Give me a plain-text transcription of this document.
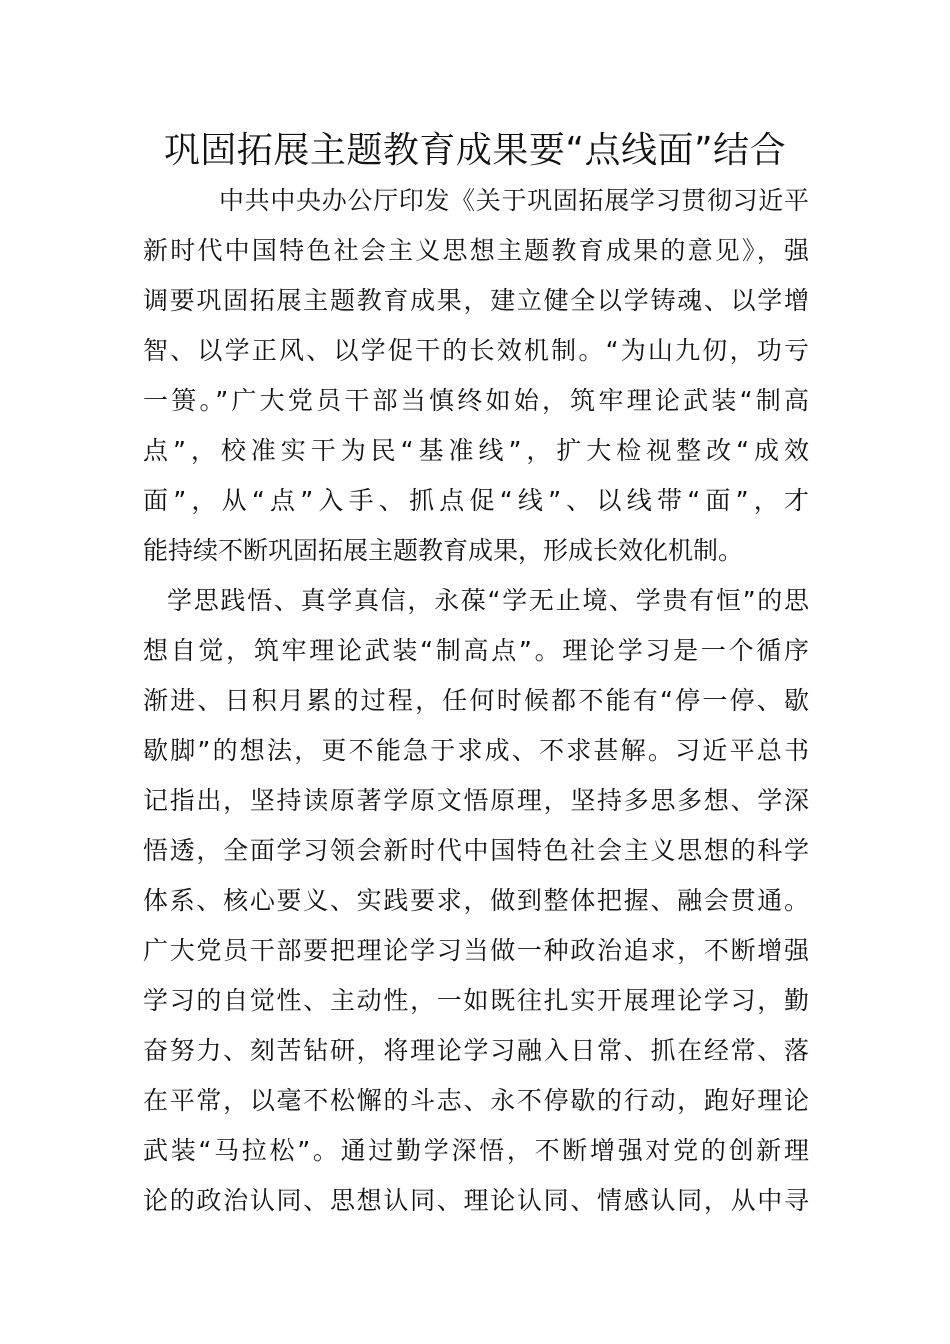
巩固拓展主题教育成果要“点线面”结合
中共中央办公厅印发《关于巩固拓展学习贯彻习近平
新时代中国特色社会主义思想主题教育成果的意见》，强
调要巩固拓展主题教育成果，建立健全以学铸魂、以学增
智、以学正风、以学促干的长效机制。“为山九仞，功亏
一篑。”广大党员干部当慎终如始，筑牢理论武装“制高
点”，校准实干为民“基准线”，扩大检视整改“成效
面”，从“点”入手、抓点促“线”、以线带“面”，才
能持续不断巩固拓展主题教育成果，形成长效化机制。
学思践悟、真学真信，永葆“学无止境、学贵有恒”的思
想自觉，筑牢理论武装“制高点”。理论学习是一个循序
渐进、日积月累的过程，任何时候都不能有“停一停、歇
歇脚”的想法，更不能急于求成、不求甚解。习近平总书
记指出，坚持读原著学原文悟原理，坚持多思多想、学深
悟透，全面学习领会新时代中国特色社会主义思想的科学
体系、核心要义、实践要求，做到整体把握、融会贯通。
广大党员干部要把理论学习当做一种政治追求，不断增强
学习的自觉性、主动性，一如既往扎实开展理论学习，勤
奋努力、刻苦钻研，将理论学习融入日常、抓在经常、落
在平常，以毫不松懈的斗志、永不停歇的行动，跑好理论
武装“马拉松”。通过勤学深悟，不断增强对党的创新理
论的政治认同、思想认同、理论认同、情感认同，从中寻
